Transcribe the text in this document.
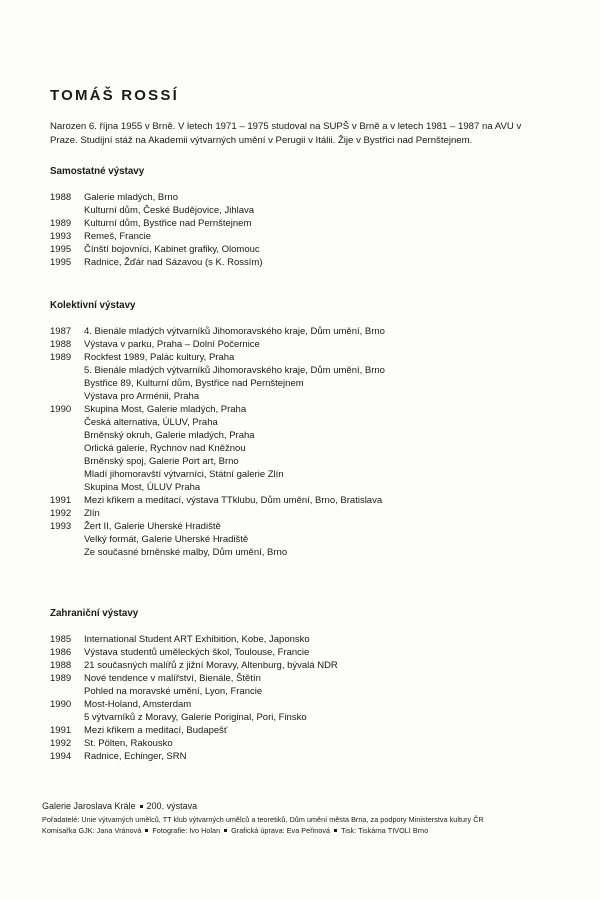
TOMÁŠ ROSSÍ

Narozen 6. října 1955 v Brně. V letech 1971 – 1975 studoval na SUPŠ v Brně a v letech 1981 – 1987 na AVU v Praze. Studijní stáž na Akademii výtvarných umění v Perugii v Itálii. Žije v Bystřici nad Pernštejnem.

Samostatné výstavy
1988	Galerie mladých, Brno
Kulturní dům, České Budějovice, Jihlava
1989	Kulturní dům, Bystřice nad Pernštejnem
1993	Remeš, Francie
1995	Čínští bojovníci, Kabinet grafiky, Olomouc
1995	Radnice, Žďár nad Sázavou (s K. Rossím)
Kolektivní výstavy
1987	4. Bienále mladých výtvarníků Jihomoravského kraje, Dům umění, Brno
1988	Výstava v parku, Praha – Dolní Počernice
1989	Rockfest 1989, Palác kultury, Praha
5. Bienále mladých výtvarníků Jihomoravského kraje, Dům umění, Brno
Bystřice 89, Kulturní dům, Bystřice nad Pernštejnem
Výstava pro Arménii, Praha
1990	Skupina Most, Galerie mladých, Praha
Česká alternativa, ÚLUV, Praha
Brněnský okruh, Galerie mladých, Praha
Orlická galerie, Rychnov nad Kněžnou
Brněnský spoj, Galerie Port art, Brno
Mladí jihomoravští výtvarníci, Státní galerie Zlín
Skupina Most, ÚLUV Praha
1991	Mezi křikem a meditací, výstava TTklubu, Dům umění, Brno, Bratislava
1992	Zlín
1993	Žert II, Galerie Uherské Hradiště
Velký formát, Galerie Uherské Hradiště
Ze současné brněnské malby, Dům umění, Brno
Zahraniční výstavy
1985	International Student ART Exhibition, Kobe, Japonsko
1986	Výstava studentů uměleckých škol, Toulouse, Francie
1988	21 současných malířů z jižní Moravy, Altenburg, bývalá NDR
1989	Nové tendence v malířství, Bienále, Štětín
Pohled na moravské umění, Lyon, Francie
1990	Most-Holand, Amsterdam
5 výtvarníků z Moravy, Galerie Poriginal, Pori, Finsko
1991	Mezi křikem a meditací, Budapešť
1992	St. Pölten, Rakousko
1994	Radnice, Echinger, SRN
Galerie Jaroslava Krále 200. výstava
Pořadatelé: Unie výtvarných umělců, TT klub výtvarných umělců a teoretiků, Dům umění města Brna, za podpory Ministerstva kultury ČR
Komisařka GJK: Jana Vránová Fotografie: Ivo Holan Grafická úprava: Eva Peřinová Tisk: Tiskárna TIVOLI Brno
